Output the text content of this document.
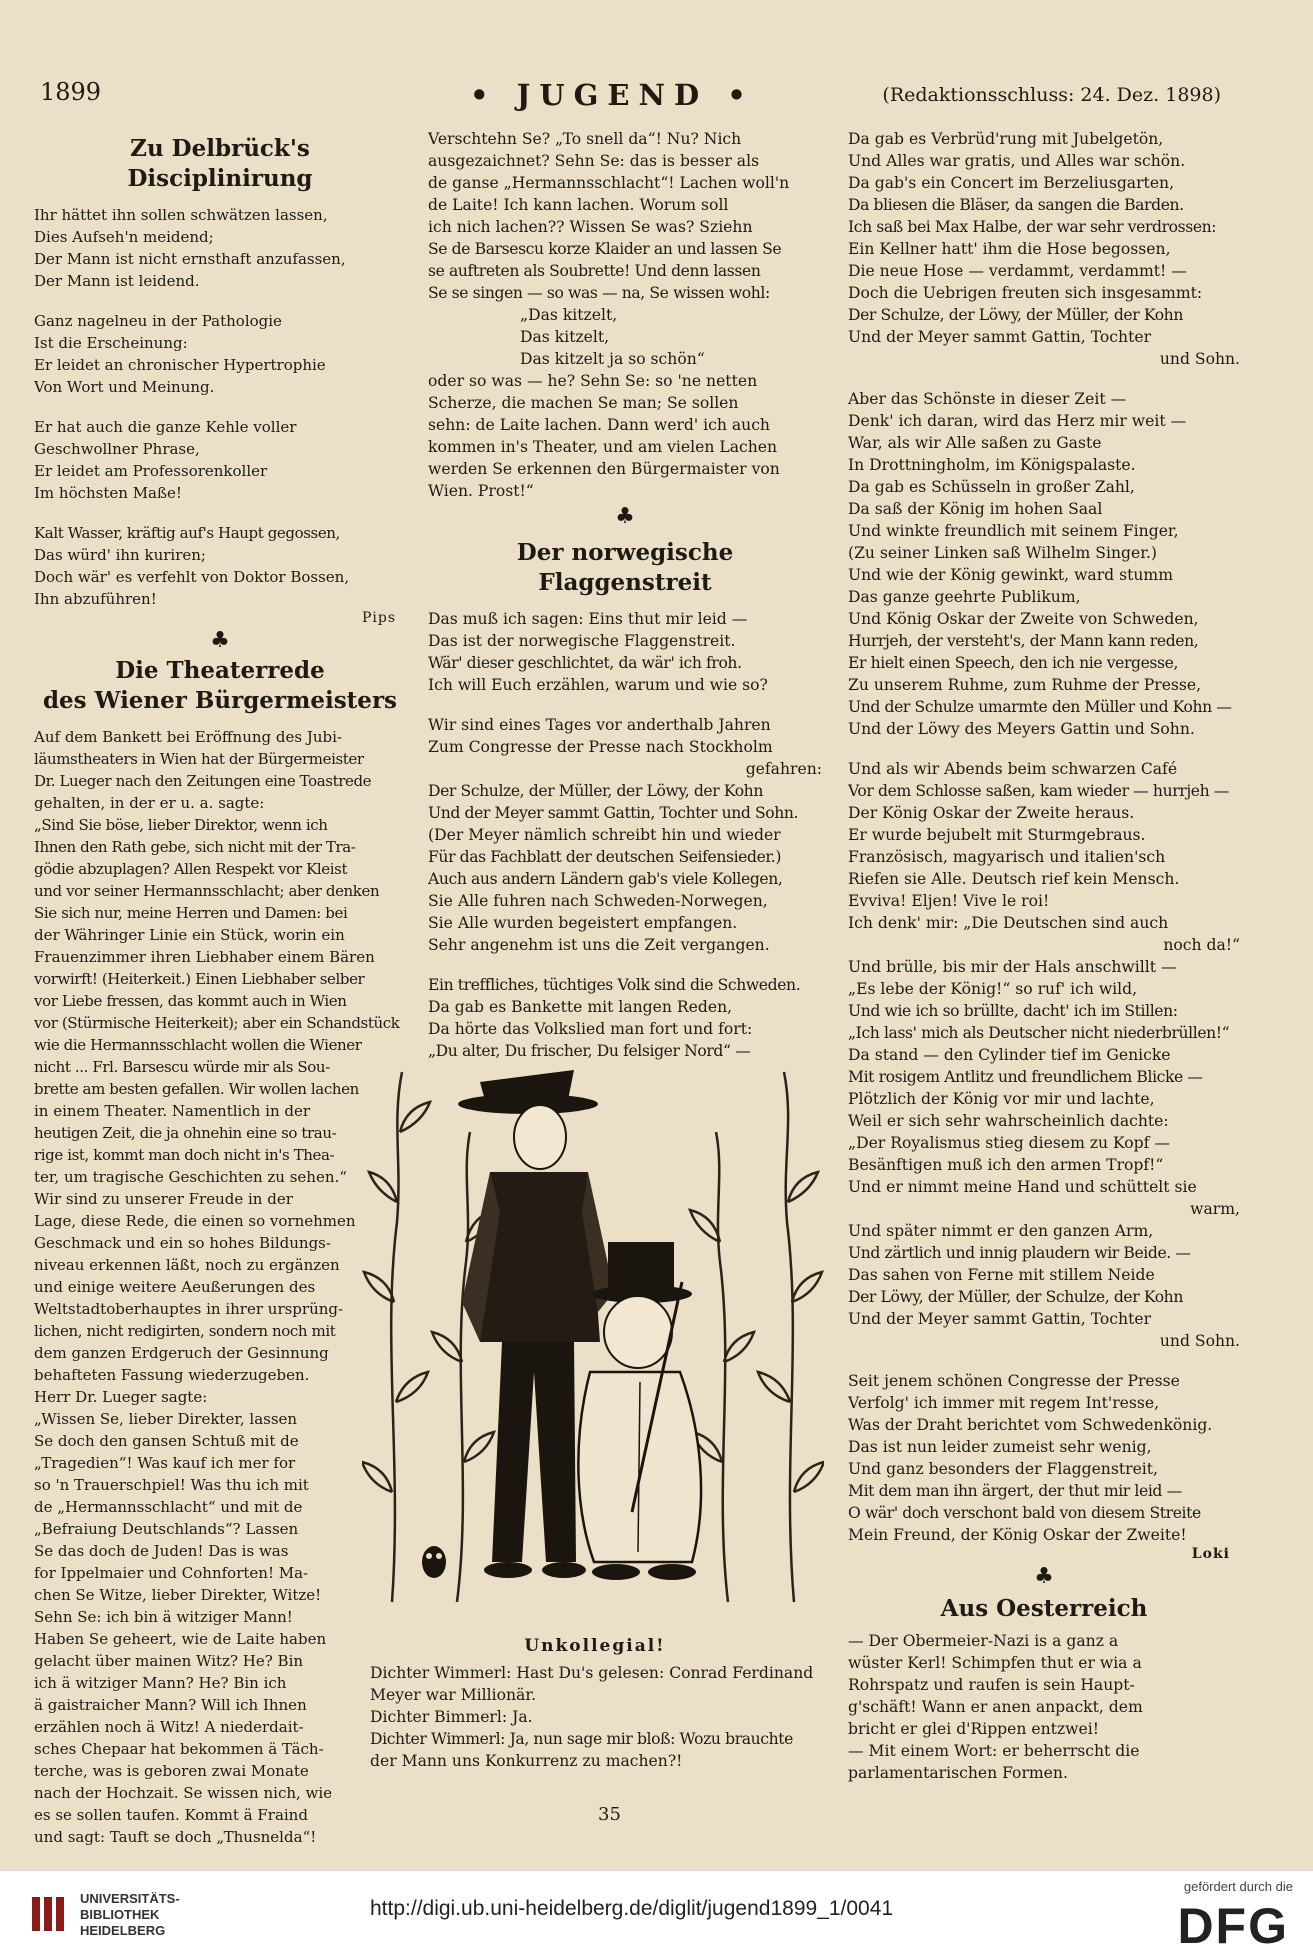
1899	• JUGEND •	(Redaktionsschluss: 24. Dez. 1898)
Zu Delbrück's Disciplinirung
Ihr hättet ihn sollen schwätzen lassen,
Dies Aufseh'n meidend;
Der Mann ist nicht ernsthaft anzufassen,
Der Mann ist leidend.
Ganz nagelneu in der Pathologie
Ist die Erscheinung:
Er leidet an chronischer Hypertrophie
Von Wort und Meinung.
Er hat auch die ganze Kehle voller
Geschwollner Phrase,
Er leidet am Professorenkoller
Im höchsten Maße!
Kalt Wasser, kräftig auf's Haupt gegossen,
Das würd' ihn kuriren;
Doch wär' es verfehlt von Doktor Bossen,
Ihn abzuführen!
Pips
♣
Die Theaterrede
des Wiener Bürgermeisters
Auf dem Bankett bei Eröffnung des Jubi-
läumstheaters in Wien hat der Bürgermeister
Dr. Lueger nach den Zeitungen eine Toastrede
gehalten, in der er u. a. sagte:
„Sind Sie böse, lieber Direktor, wenn ich
Ihnen den Rath gebe, sich nicht mit der Tra-
gödie abzuplagen? Allen Respekt vor Kleist
und vor seiner Hermannsschlacht; aber denken
Sie sich nur, meine Herren und Damen: bei
der Währinger Linie ein Stück, worin ein
Frauenzimmer ihren Liebhaber einem Bären
vorwirft! (Heiterkeit.) Einen Liebhaber selber
vor Liebe fressen, das kommt auch in Wien
vor (Stürmische Heiterkeit); aber ein Schandstück
wie die Hermannsschlacht wollen die Wiener
nicht ... Frl. Barsescu würde mir als Sou-
brette am besten gefallen. Wir wollen lachen
in einem Theater. Namentlich in der
heutigen Zeit, die ja ohnehin eine so trau-
rige ist, kommt man doch nicht in's Thea-
ter, um tragische Geschichten zu sehen.“
Wir sind zu unserer Freude in der
Lage, diese Rede, die einen so vornehmen
Geschmack und ein so hohes Bildungs-
niveau erkennen läßt, noch zu ergänzen
und einige weitere Aeußerungen des
Weltstadtoberhauptes in ihrer ursprüng-
lichen, nicht redigirten, sondern noch mit
dem ganzen Erdgeruch der Gesinnung
behafteten Fassung wiederzugeben.
Herr Dr. Lueger sagte:
„Wissen Se, lieber Direkter, lassen
Se doch den gansen Schtuß mit de
„Tragedien“! Was kauf ich mer for
so 'n Trauerschpiel! Was thu ich mit
de „Hermannsschlacht“ und mit de
„Befraiung Deutschlands“? Lassen
Se das doch de Juden! Das is was
for Ippelmaier und Cohnforten! Ma-
chen Se Witze, lieber Direkter, Witze!
Sehn Se: ich bin ä witziger Mann!
Haben Se geheert, wie de Laite haben
gelacht über mainen Witz? He? Bin
ich ä witziger Mann? He? Bin ich
ä gaistraicher Mann? Will ich Ihnen
erzählen noch ä Witz! A niederdait-
sches Chepaar hat bekommen ä Täch-
terche, was is geboren zwai Monate
nach der Hochzait. Se wissen nich, wie
es se sollen taufen. Kommt ä Fraind
und sagt: Tauft se doch „Thusnelda“!
Verschtehn Se? „To snell da“! Nu? Nich
ausgezaichnet? Sehn Se: das is besser als
de ganse „Hermannsschlacht“! Lachen woll'n
de Laite! Ich kann lachen. Worum soll
ich nich lachen?? Wissen Se was? Sziehn
Se de Barsescu korze Klaider an und lassen Se
se auftreten als Soubrette! Und denn lassen
Se se singen — so was — na, Se wissen wohl:
„Das kitzelt,
Das kitzelt,
Das kitzelt ja so schön“
oder so was — he? Sehn Se: so 'ne netten
Scherze, die machen Se man; Se sollen
sehn: de Laite lachen. Dann werd' ich auch
kommen in's Theater, und am vielen Lachen
werden Se erkennen den Bürgermaister von
Wien. Prost!“
♣
Der norwegische Flaggenstreit
Das muß ich sagen: Eins thut mir leid —
Das ist der norwegische Flaggenstreit.
Wär' dieser geschlichtet, da wär' ich froh.
Ich will Euch erzählen, warum und wie so?
Wir sind eines Tages vor anderthalb Jahren
Zum Congresse der Presse nach Stockholm
gefahren:
Der Schulze, der Müller, der Löwy, der Kohn
Und der Meyer sammt Gattin, Tochter und Sohn.
(Der Meyer nämlich schreibt hin und wieder
Für das Fachblatt der deutschen Seifensieder.)
Auch aus andern Ländern gab's viele Kollegen,
Sie Alle fuhren nach Schweden-Norwegen,
Sie Alle wurden begeistert empfangen.
Sehr angenehm ist uns die Zeit vergangen.
Ein treffliches, tüchtiges Volk sind die Schweden.
Da gab es Bankette mit langen Reden,
Da hörte das Volkslied man fort und fort:
„Du alter, Du frischer, Du felsiger Nord“ —
Da gab es Verbrüd'rung mit Jubelgetön,
Und Alles war gratis, und Alles war schön.
Da gab's ein Concert im Berzeliusgarten,
Da bliesen die Bläser, da sangen die Barden.
Ich saß bei Max Halbe, der war sehr verdrossen:
Ein Kellner hatt' ihm die Hose begossen,
Die neue Hose — verdammt, verdammt! —
Doch die Uebrigen freuten sich insgesammt:
Der Schulze, der Löwy, der Müller, der Kohn
Und der Meyer sammt Gattin, Tochter
und Sohn.
Aber das Schönste in dieser Zeit —
Denk' ich daran, wird das Herz mir weit —
War, als wir Alle saßen zu Gaste
In Drottningholm, im Königspalaste.
Da gab es Schüsseln in großer Zahl,
Da saß der König im hohen Saal
Und winkte freundlich mit seinem Finger,
(Zu seiner Linken saß Wilhelm Singer.)
Und wie der König gewinkt, ward stumm
Das ganze geehrte Publikum,
Und König Oskar der Zweite von Schweden,
Hurrjeh, der versteht's, der Mann kann reden,
Er hielt einen Speech, den ich nie vergesse,
Zu unserem Ruhme, zum Ruhme der Presse,
Und der Schulze umarmte den Müller und Kohn —
Und der Löwy des Meyers Gattin und Sohn.
Und als wir Abends beim schwarzen Café
Vor dem Schlosse saßen, kam wieder — hurrjeh —
Der König Oskar der Zweite heraus.
Er wurde bejubelt mit Sturmgebraus.
Französisch, magyarisch und italien'sch
Riefen sie Alle. Deutsch rief kein Mensch.
Evviva! Eljen! Vive le roi!
Ich denk' mir: „Die Deutschen sind auch
noch da!“
Und brülle, bis mir der Hals anschwillt —
„Es lebe der König!“ so ruf' ich wild,
Und wie ich so brüllte, dacht' ich im Stillen:
„Ich lass' mich als Deutscher nicht niederbrüllen!“
Da stand — den Cylinder tief im Genicke
Mit rosigem Antlitz und freundlichem Blicke —
Plötzlich der König vor mir und lachte,
Weil er sich sehr wahrscheinlich dachte:
„Der Royalismus stieg diesem zu Kopf —
Besänftigen muß ich den armen Tropf!“
Und er nimmt meine Hand und schüttelt sie
warm,
Und später nimmt er den ganzen Arm,
Und zärtlich und innig plaudern wir Beide. —
Das sahen von Ferne mit stillem Neide
Der Löwy, der Müller, der Schulze, der Kohn
Und der Meyer sammt Gattin, Tochter
und Sohn.
Seit jenem schönen Congresse der Presse
Verfolg' ich immer mit regem Int'resse,
Was der Draht berichtet vom Schwedenkönig.
Das ist nun leider zumeist sehr wenig,
Und ganz besonders der Flaggenstreit,
Mit dem man ihn ärgert, der thut mir leid —
O wär' doch verschont bald von diesem Streite
Mein Freund, der König Oskar der Zweite!
Loki
♣
Aus Oesterreich
— Der Obermeier-Nazi is a ganz a
wüster Kerl! Schimpfen thut er wia a
Rohrspatz und raufen is sein Haupt-
g'schäft! Wann er anen anpackt, dem
bricht er glei d'Rippen entzwei!
— Mit einem Wort: er beherrscht die
parlamentarischen Formen.
Unkollegial!
Dichter Wimmerl: Hast Du's gelesen: Conrad Ferdinand
Meyer war Millionär.
Dichter Bimmerl: Ja.
Dichter Wimmerl: Ja, nun sage mir bloß: Wozu brauchte
der Mann uns Konkurrenz zu machen?!
35
UNIVERSITÄTS-
BIBLIOTHEK
HEIDELBERG
http://digi.ub.uni-heidelberg.de/diglit/jugend1899_1/0041
gefördert durch die
DFG
